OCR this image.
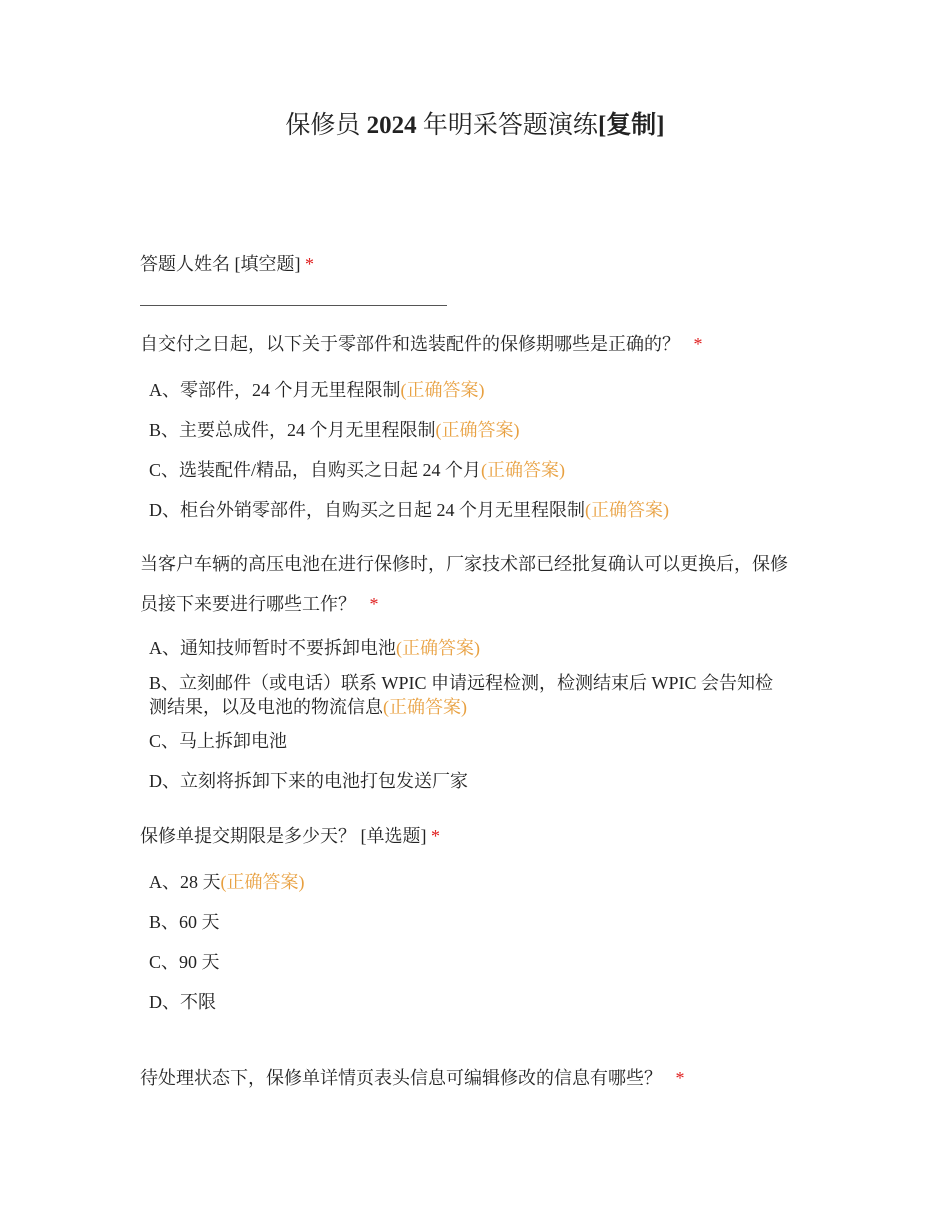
保修员 2024 年明采答题演练[复制]
答题人姓名 [填空题] *
自交付之日起，以下关于零部件和选装配件的保修期哪些是正确的？ *
A、零部件，24 个月无里程限制(正确答案)
B、主要总成件，24 个月无里程限制(正确答案)
C、选装配件/精品，自购买之日起 24 个月(正确答案)
D、柜台外销零部件，自购买之日起 24 个月无里程限制(正确答案)
当客户车辆的高压电池在进行保修时，厂家技术部已经批复确认可以更换后，保修
员接下来要进行哪些工作？ *
A、通知技师暂时不要拆卸电池(正确答案)
B、立刻邮件（或电话）联系 WPIC 申请远程检测，检测结束后 WPIC 会告知检
测结果，以及电池的物流信息(正确答案)
C、马上拆卸电池
D、立刻将拆卸下来的电池打包发送厂家
保修单提交期限是多少天？ [单选题] *
A、28 天(正确答案)
B、60 天
C、90 天
D、不限
待处理状态下，保修单详情页表头信息可编辑修改的信息有哪些？ *
